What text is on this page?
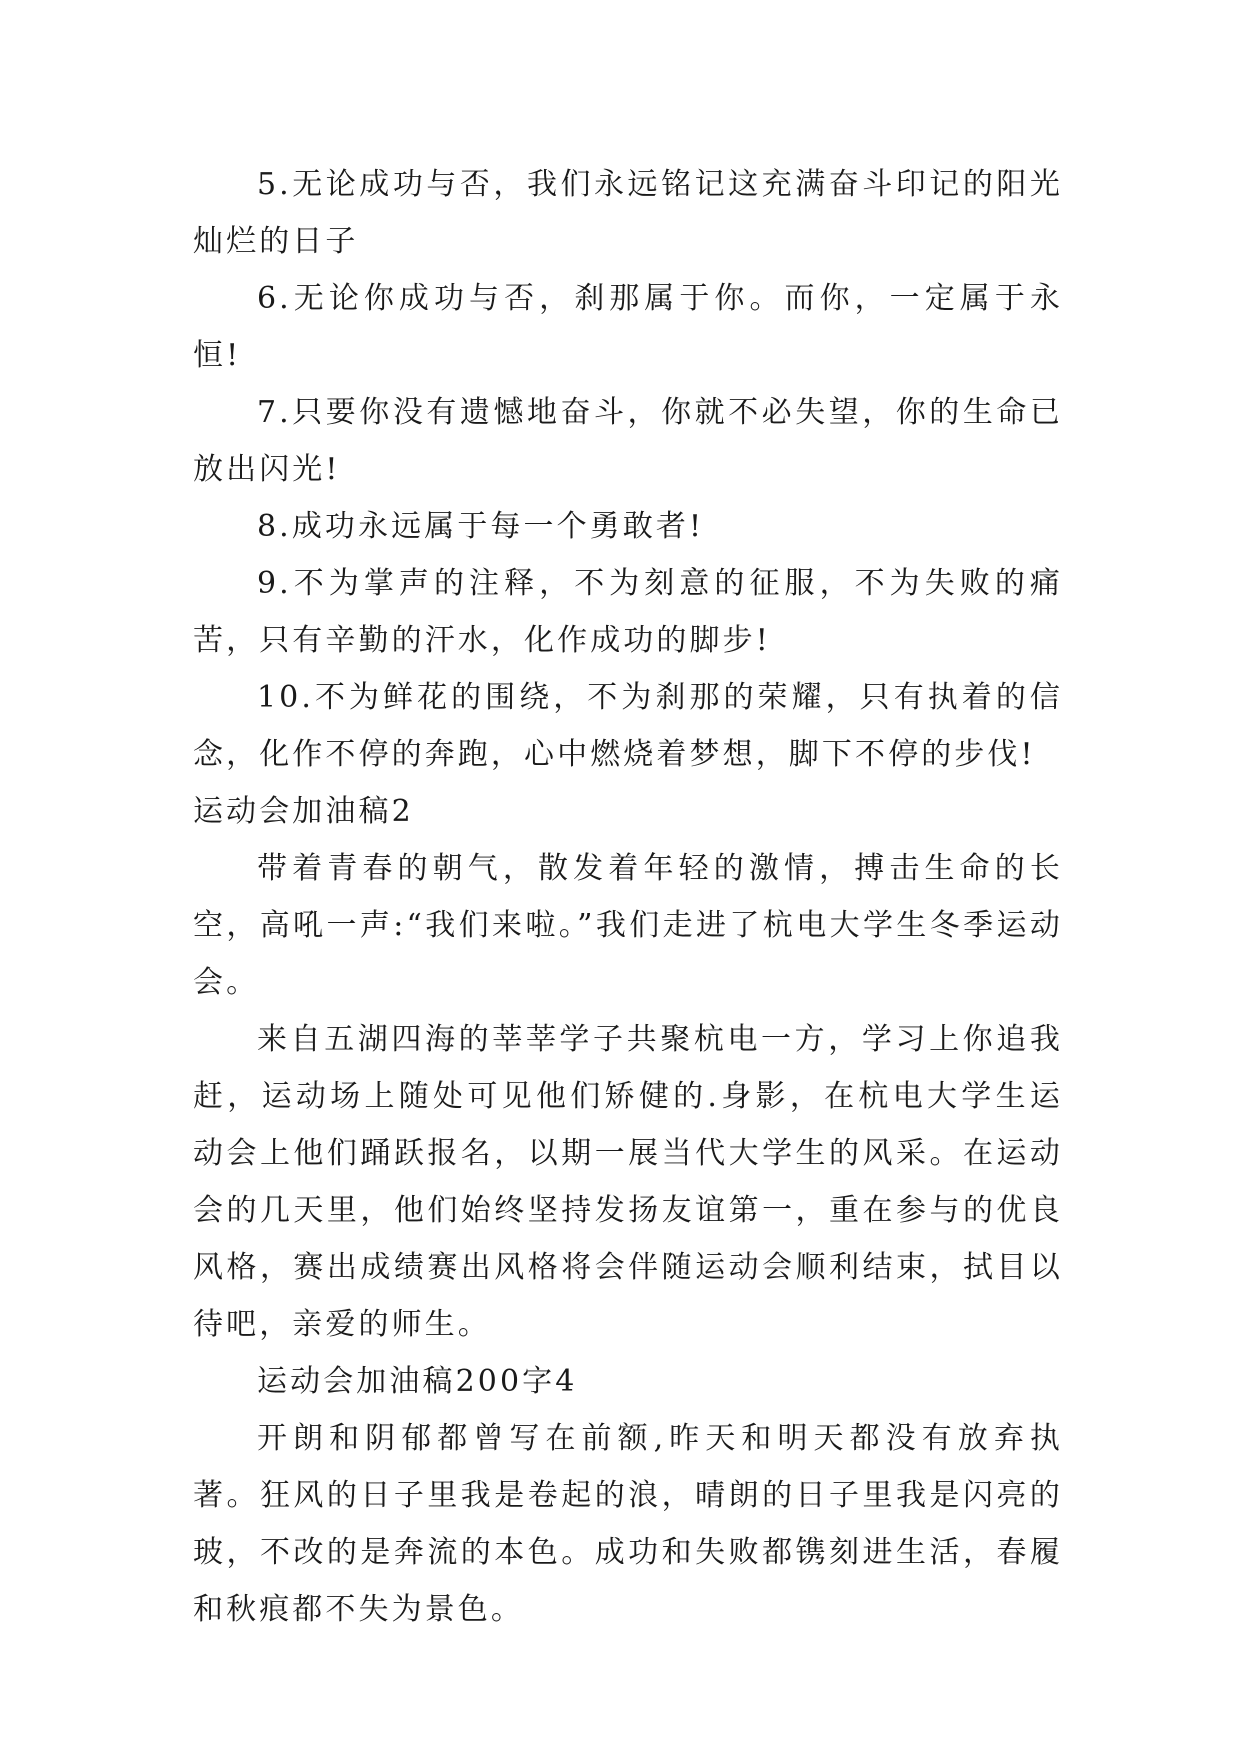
5.无论成功与否，我们永远铭记这充满奋斗印记的阳光灿烂的日子

6.无论你成功与否，刹那属于你。而你，一定属于永恒!

7.只要你没有遗憾地奋斗，你就不必失望，你的生命已放出闪光!

8.成功永远属于每一个勇敢者!

9.不为掌声的注释，不为刻意的征服，不为失败的痛苦，只有辛勤的汗水，化作成功的脚步!

10.不为鲜花的围绕，不为刹那的荣耀，只有执着的信念，化作不停的奔跑，心中燃烧着梦想，脚下不停的步伐!

运动会加油稿2

带着青春的朝气，散发着年轻的激情，搏击生命的长空，高吼一声:“我们来啦。”我们走进了杭电大学生冬季运动会。

来自五湖四海的莘莘学子共聚杭电一方，学习上你追我赶，运动场上随处可见他们矫健的.身影，在杭电大学生运动会上他们踊跃报名，以期一展当代大学生的风采。在运动会的几天里，他们始终坚持发扬友谊第一，重在参与的优良风格，赛出成绩赛出风格将会伴随运动会顺利结束，拭目以待吧，亲爱的师生。

运动会加油稿200字4

开朗和阴郁都曾写在前额,昨天和明天都没有放弃执著。狂风的日子里我是卷起的浪，晴朗的日子里我是闪亮的玻，不改的是奔流的本色。成功和失败都镌刻进生活，春履和秋痕都不失为景色。
